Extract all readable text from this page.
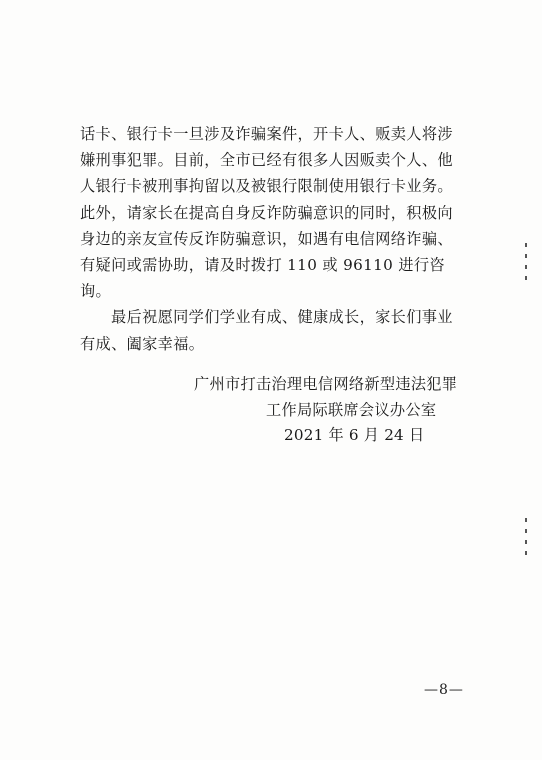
话卡、银行卡一旦涉及诈骗案件，开卡人、贩卖人将涉嫌刑事犯罪。目前，全市已经有很多人因贩卖个人、他人银行卡被刑事拘留以及被银行限制使用银行卡业务。此外，请家长在提高自身反诈防骗意识的同时，积极向身边的亲友宣传反诈防骗意识，如遇有电信网络诈骗、有疑问或需协助，请及时拨打 110 或 96110 进行咨询。

最后祝愿同学们学业有成、健康成长，家长们事业有成、阖家幸福。

广州市打击治理电信网络新型违法犯罪
工作局际联席会议办公室
2021 年 6 月 24 日
—8—
